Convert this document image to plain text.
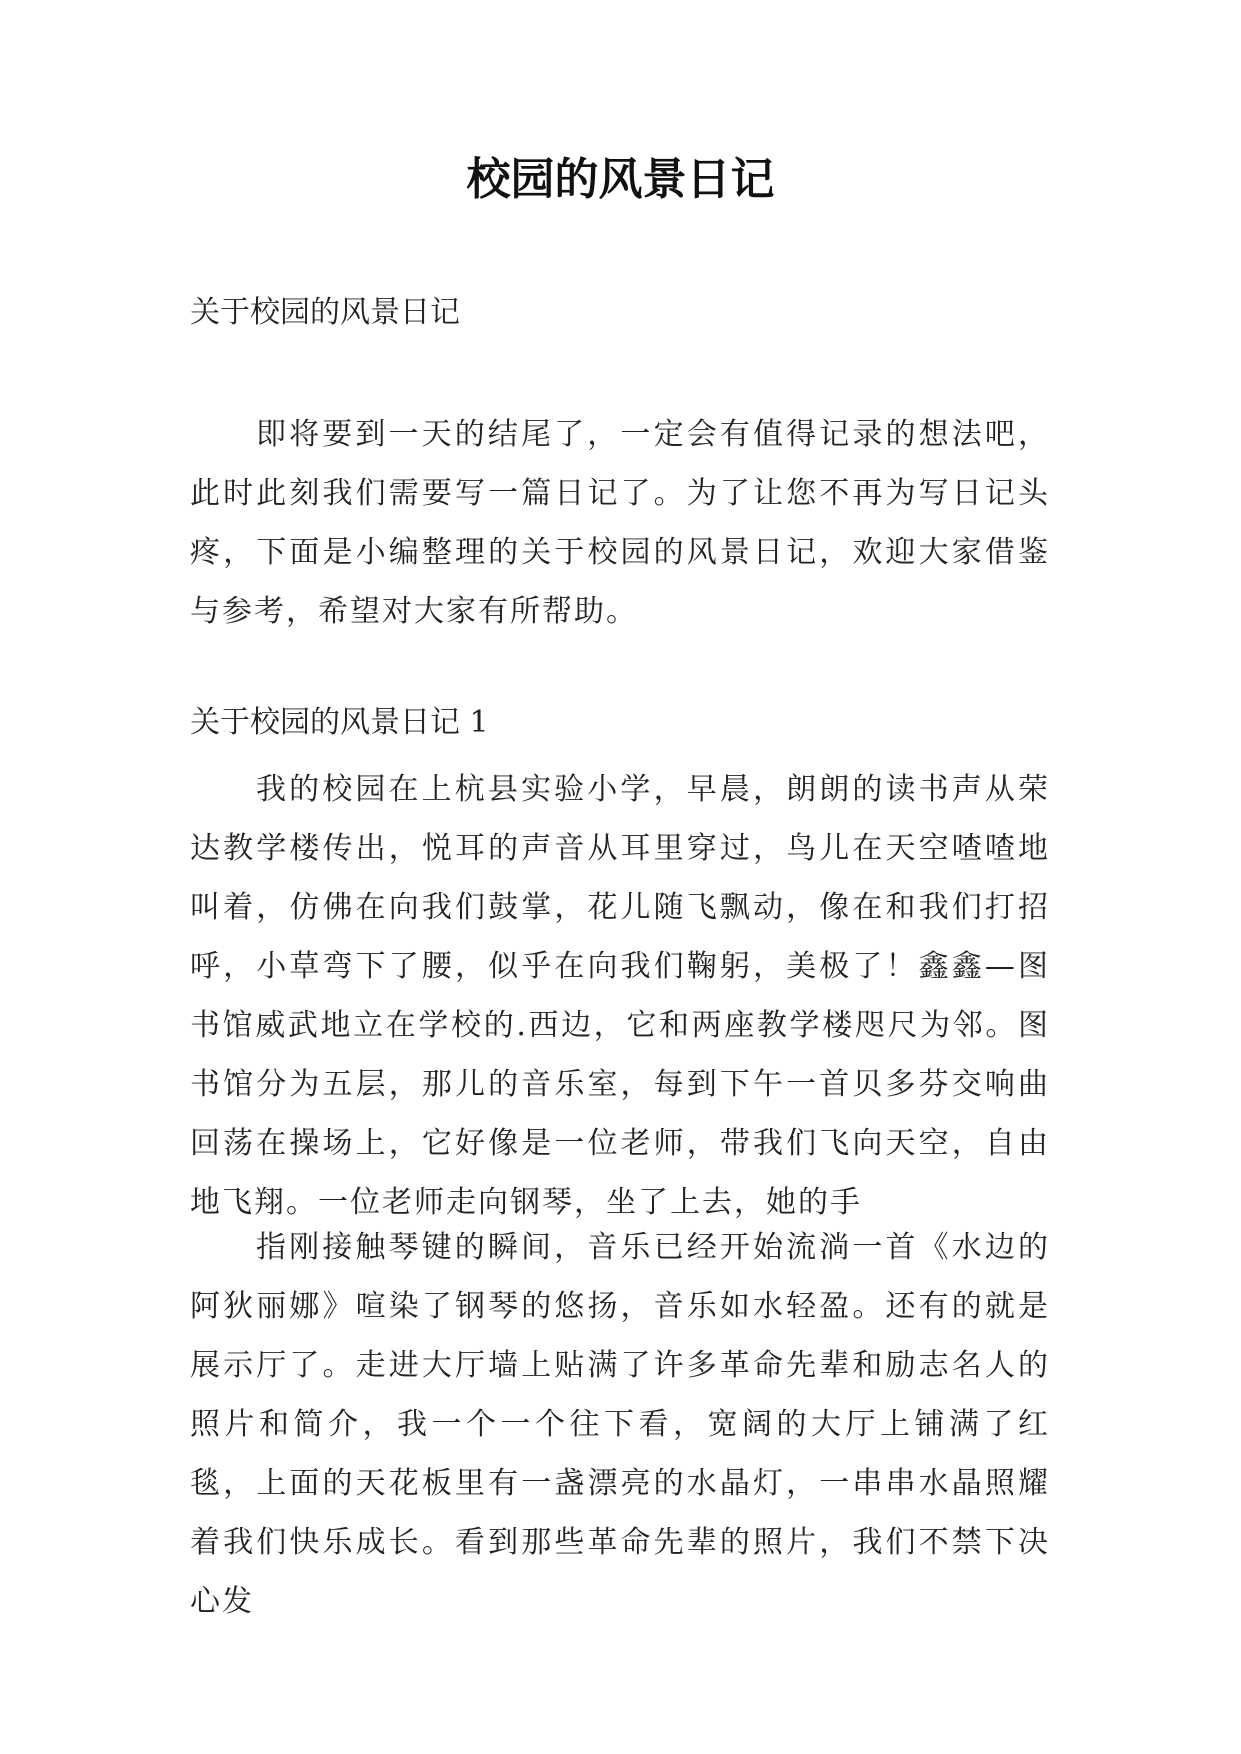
校园的风景日记

关于校园的风景日记

即将要到一天的结尾了，一定会有值得记录的想法吧，此时此刻我们需要写一篇日记了。为了让您不再为写日记头疼，下面是小编整理的关于校园的风景日记，欢迎大家借鉴与参考，希望对大家有所帮助。

关于校园的风景日记 1

我的校园在上杭县实验小学，早晨，朗朗的读书声从荣达教学楼传出，悦耳的声音从耳里穿过，鸟儿在天空喳喳地叫着，仿佛在向我们鼓掌，花儿随飞飘动，像在和我们打招呼，小草弯下了腰，似乎在向我们鞠躬，美极了！鑫鑫—图书馆威武地立在学校的.西边，它和两座教学楼咫尺为邻。图书馆分为五层，那儿的音乐室，每到下午一首贝多芬交响曲回荡在操场上，它好像是一位老师，带我们飞向天空，自由地飞翔。一位老师走向钢琴，坐了上去，她的手

指刚接触琴键的瞬间，音乐已经开始流淌一首《水边的阿狄丽娜》喧染了钢琴的悠扬，音乐如水轻盈。还有的就是展示厅了。走进大厅墙上贴满了许多革命先辈和励志名人的照片和简介，我一个一个往下看，宽阔的大厅上铺满了红毯，上面的天花板里有一盏漂亮的水晶灯，一串串水晶照耀着我们快乐成长。看到那些革命先辈的照片，我们不禁下决心发
